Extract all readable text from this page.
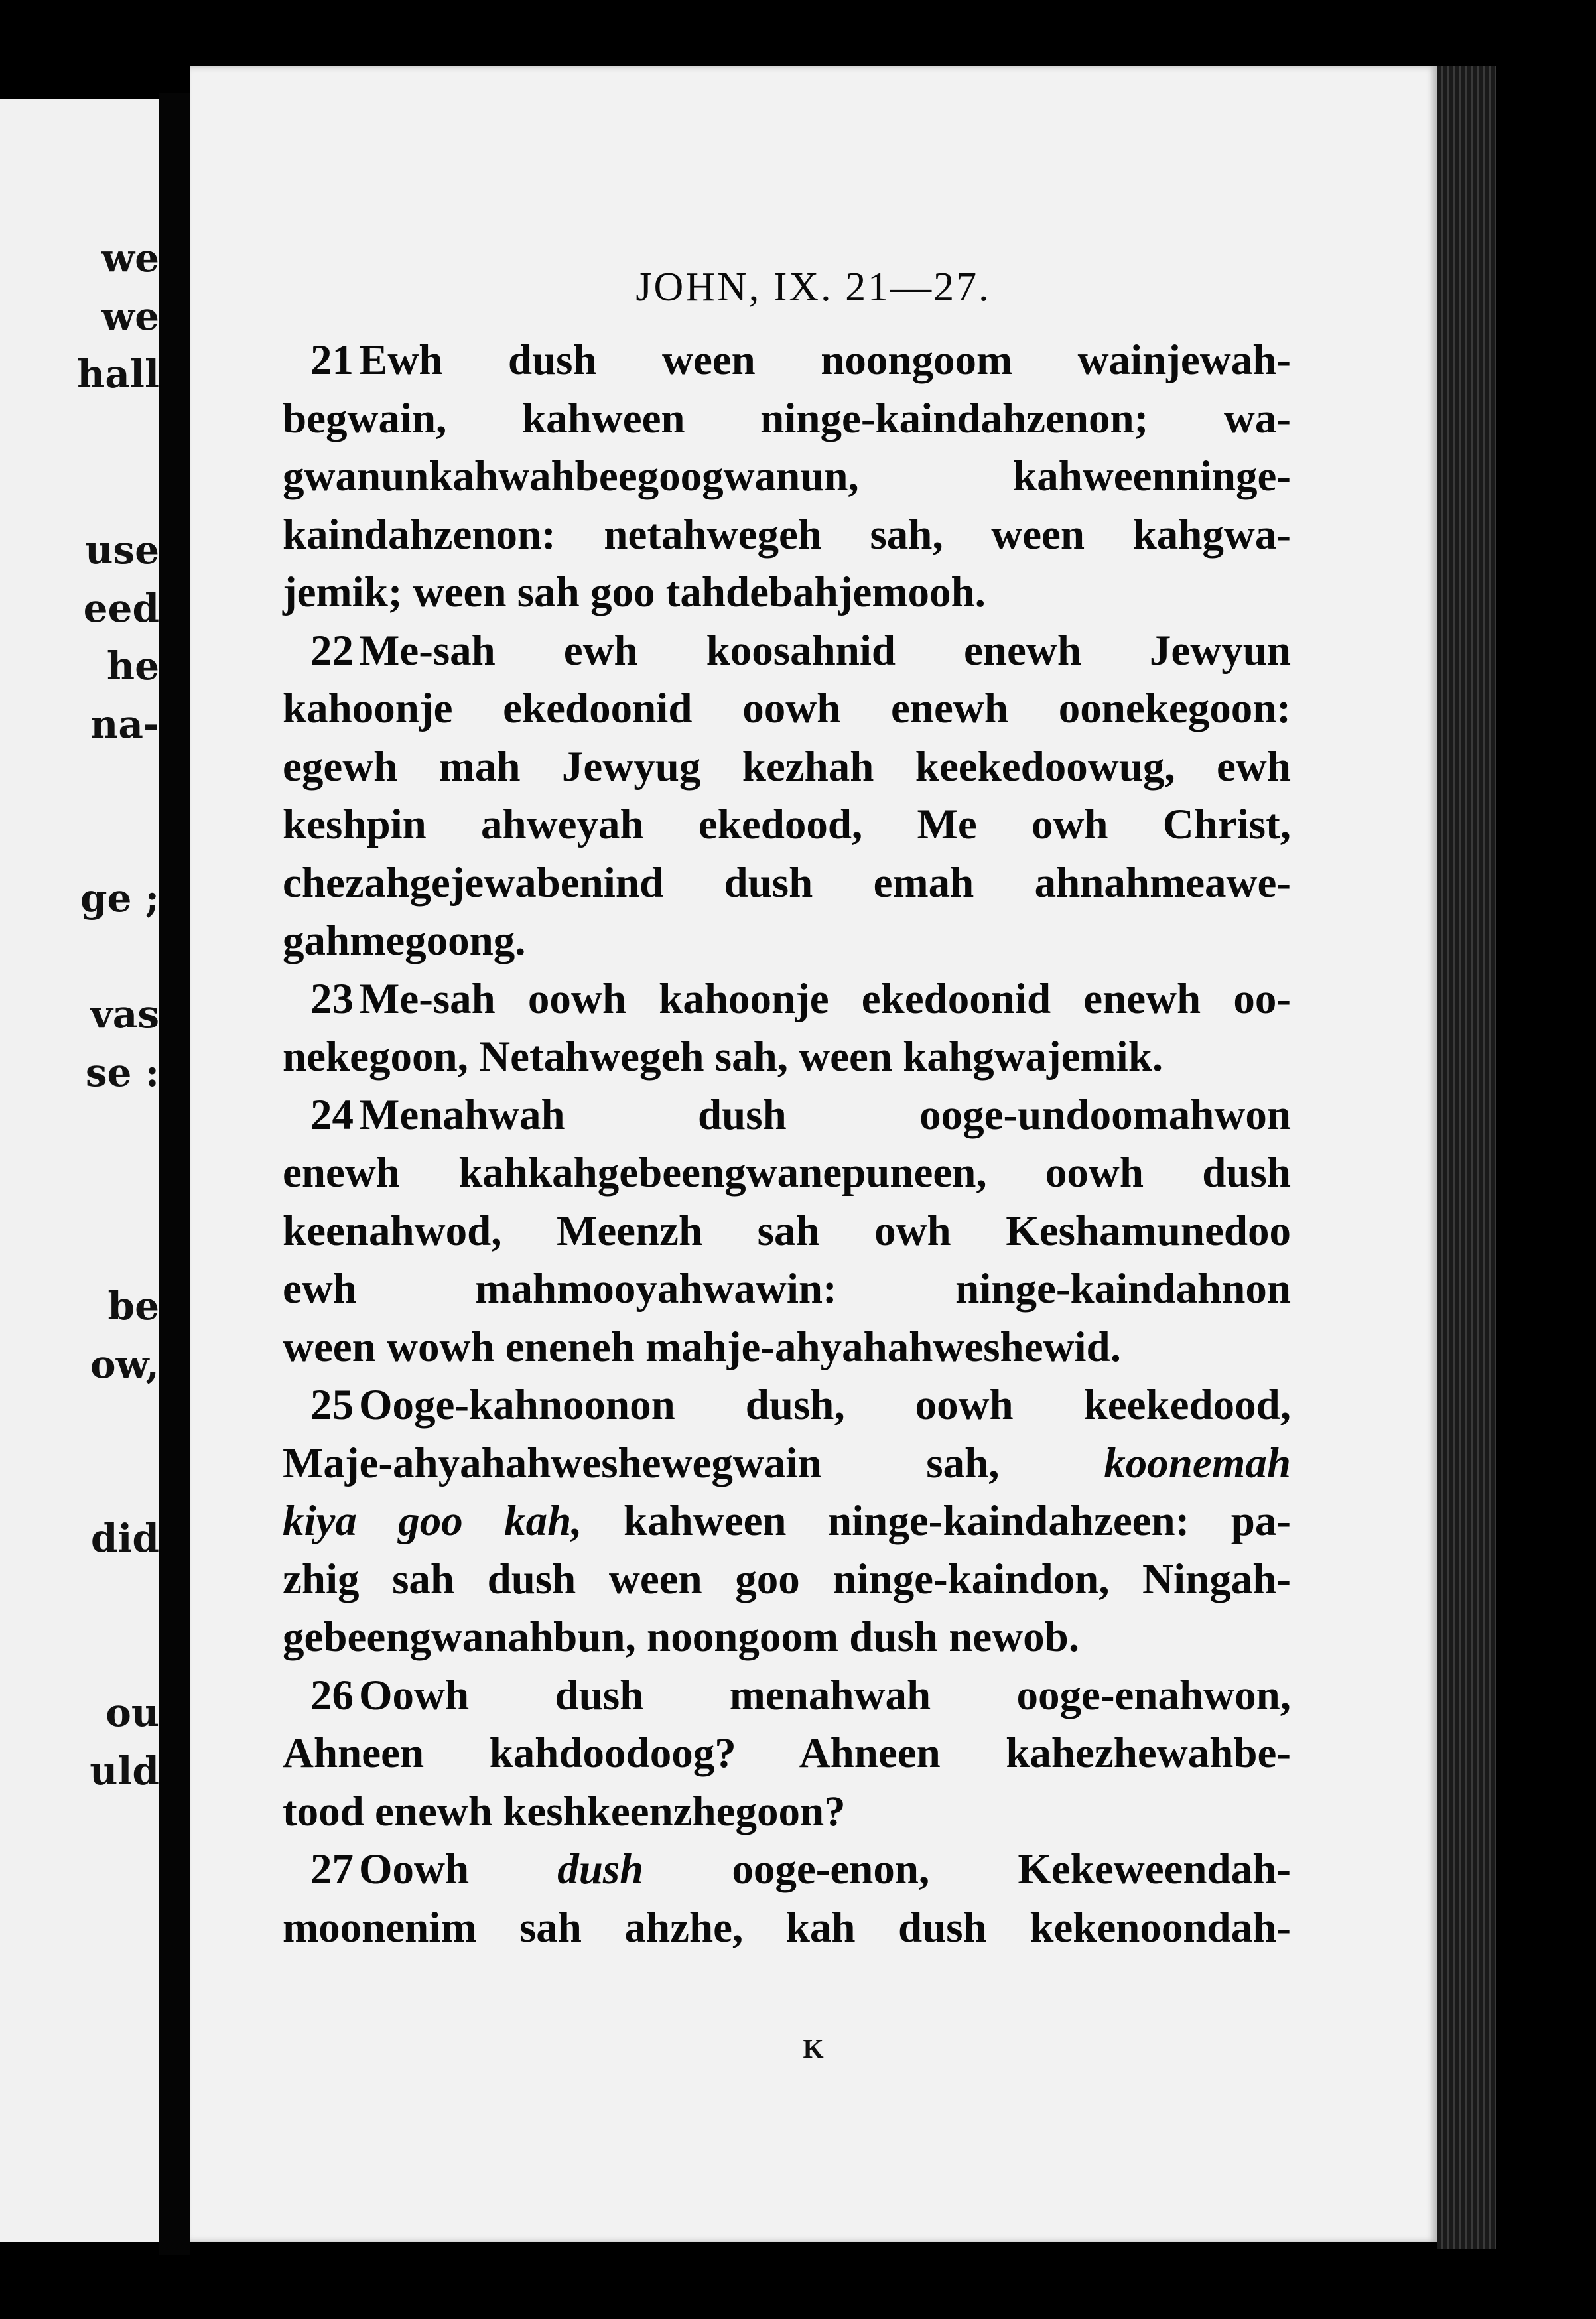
we
we
hall
use
eed
he
na-
ge ;
vas
se :
be
ow,
did
ou
uld
JOHN, IX. 21—27.
21 Ewh dush ween noongoom wainjewah-
begwain, kahween ninge-kaindahzenon; wa-
gwanunkahwahbeegoogwanun, kahweenninge-
kaindahzenon: netahwegeh sah, ween kahgwa-
jemik; ween sah goo tahdebahjemooh.
22 Me-sah ewh koosahnid enewh Jewyun
kahoonje ekedoonid oowh enewh oonekegoon:
egewh mah Jewyug kezhah keekedoowug, ewh
keshpin ahweyah ekedood, Me owh Christ,
chezahgejewabenind dush emah ahnahmeawe-
gahmegoong.
23 Me-sah oowh kahoonje ekedoonid enewh oo-
nekegoon, Netahwegeh sah, ween kahgwajemik.
24 Menahwah dush ooge-undoomahwon
enewh kahkahgebeengwanepuneen, oowh dush
keenahwod, Meenzh sah owh Keshamunedoo
ewh mahmooyahwawin: ninge-kaindahnon
ween wowh eneneh mahje-ahyahahweshewid.
25 Ooge-kahnoonon dush, oowh keekedood,
Maje-ahyahahweshewegwain sah, koonemah
kiya goo kah, kahween ninge-kaindahzeen: pa-
zhig sah dush ween goo ninge-kaindon, Ningah-
gebeengwanahbun, noongoom dush newob.
26 Oowh dush menahwah ooge-enahwon,
Ahneen kahdoodoog? Ahneen kahezhewahbe-
tood enewh keshkeenzhegoon?
27 Oowh dush ooge-enon, Kekeweendah-
moonenim sah ahzhe, kah dush kekenoondah-
K
